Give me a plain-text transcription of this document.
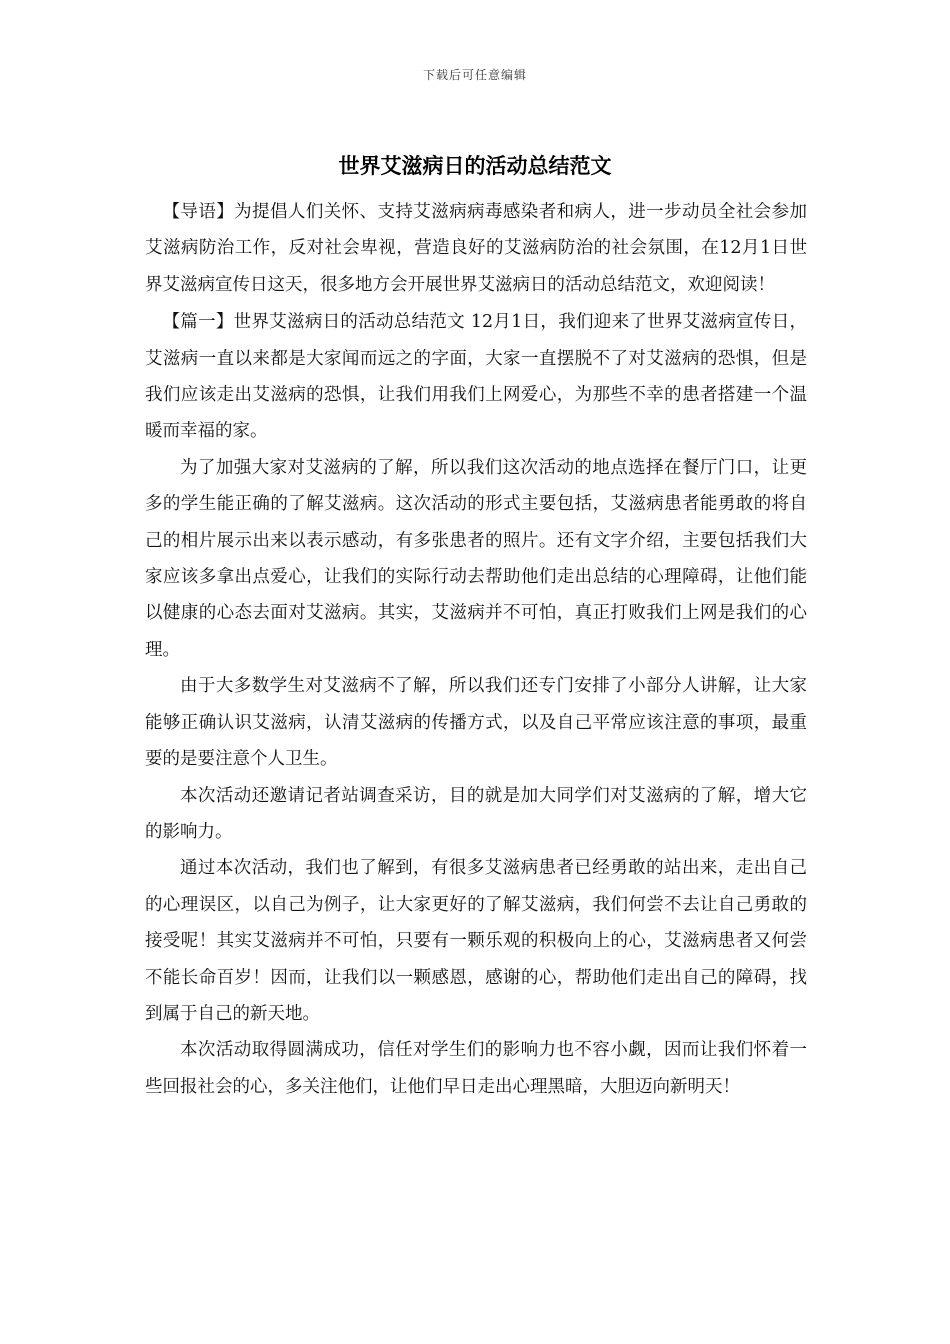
下载后可任意编辑
世界艾滋病日的活动总结范文

【导语】为提倡人们关怀、支持艾滋病病毒感染者和病人，进一步动员全社会参加艾滋病防治工作，反对社会卑视，营造良好的艾滋病防治的社会氛围，在12月1日世界艾滋病宣传日这天，很多地方会开展世界艾滋病日的活动总结范文，欢迎阅读！

【篇一】世界艾滋病日的活动总结范文 12月1日，我们迎来了世界艾滋病宣传日，艾滋病一直以来都是大家闻而远之的字面，大家一直摆脱不了对艾滋病的恐惧，但是我们应该走出艾滋病的恐惧，让我们用我们上网爱心，为那些不幸的患者搭建一个温暖而幸福的家。

为了加强大家对艾滋病的了解，所以我们这次活动的地点选择在餐厅门口，让更多的学生能正确的了解艾滋病。这次活动的形式主要包括，艾滋病患者能勇敢的将自己的相片展示出来以表示感动，有多张患者的照片。还有文字介绍，主要包括我们大家应该多拿出点爱心，让我们的实际行动去帮助他们走出总结的心理障碍，让他们能以健康的心态去面对艾滋病。其实，艾滋病并不可怕，真正打败我们上网是我们的心理。

由于大多数学生对艾滋病不了解，所以我们还专门安排了小部分人讲解，让大家能够正确认识艾滋病，认清艾滋病的传播方式，以及自己平常应该注意的事项，最重要的是要注意个人卫生。

本次活动还邀请记者站调查采访，目的就是加大同学们对艾滋病的了解，增大它的影响力。

通过本次活动，我们也了解到，有很多艾滋病患者已经勇敢的站出来，走出自己的心理误区，以自己为例子，让大家更好的了解艾滋病，我们何尝不去让自己勇敢的接受呢！其实艾滋病并不可怕，只要有一颗乐观的积极向上的心，艾滋病患者又何尝不能长命百岁！因而，让我们以一颗感恩，感谢的心，帮助他们走出自己的障碍，找到属于自己的新天地。

本次活动取得圆满成功，信任对学生们的影响力也不容小觑，因而让我们怀着一些回报社会的心，多关注他们，让他们早日走出心理黑暗，大胆迈向新明天！
